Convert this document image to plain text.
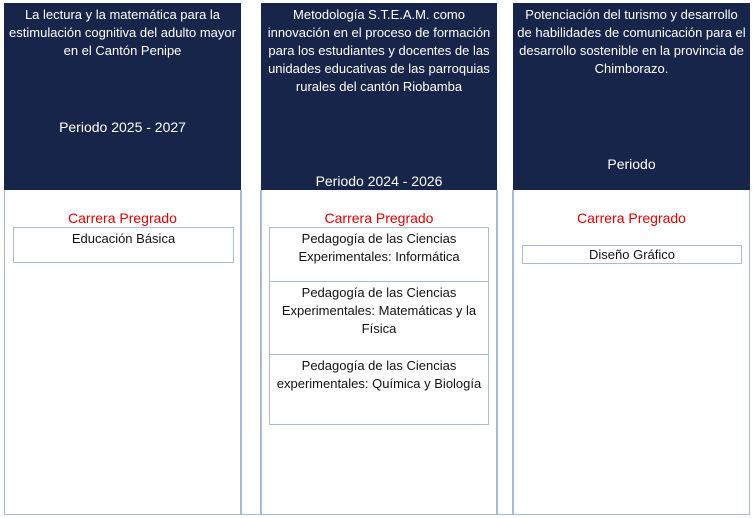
La lectura y la matemática para la estimulación cognitiva del adulto mayor en el Cantón Penipe
Periodo 2025 - 2027
Carrera Pregrado
Educación Básica
Metodología S.T.E.A.M. como innovación en el proceso de formación para los estudiantes y docentes de las unidades educativas de las parroquias rurales del cantón Riobamba
Periodo 2024 - 2026
Carrera Pregrado
Pedagogía de las Ciencias Experimentales: Informática
Pedagogía de las Ciencias Experimentales: Matemáticas y la Física
Pedagogía de las Ciencias experimentales: Química y Biología
Potenciación del turismo y desarrollo de habilidades de comunicación para el desarrollo sostenible en la provincia de Chimborazo.
Periodo
Carrera Pregrado
Diseño Gráfico
